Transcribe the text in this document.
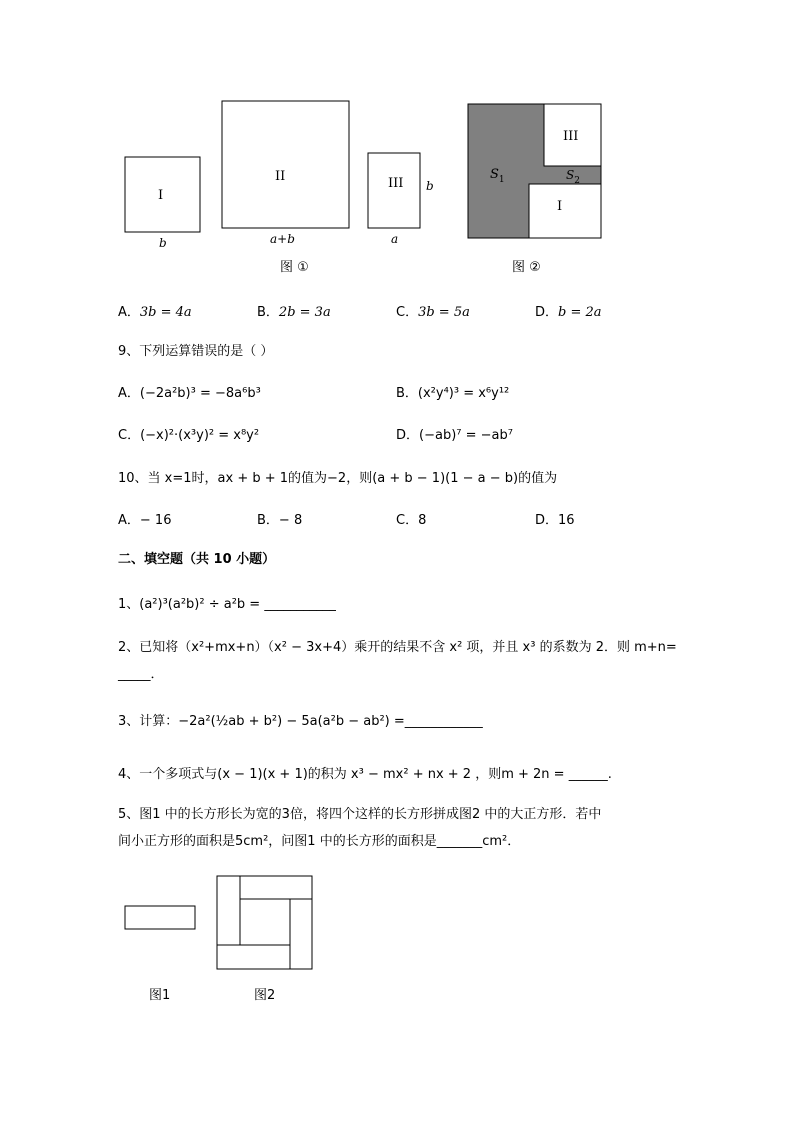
I
b
II
a+b
III b
a
$S_1$
III
$S_2$
I
图 ①	图 ②
A．3b = 4a	B．2b = 3a	C．3b = 5a	D．b = 2a
9、下列运算错误的是（ ）
A．(−2a²b)³ = −8a⁶b³	B．(x²y⁴)³ = x⁶y¹²
C．(−x)²·(x³y)² = x⁸y²	D．(−ab)⁷ = −ab⁷
10、当 x=1时，ax + b + 1的值为−2，则(a + b − 1)(1 − a − b)的值为
A．− 16	B．− 8	C．8	D．16
二、填空题（共 10 小题）
1、(a²)³(a²b)² ÷ a²b = ___________
2、已知将（x²+mx+n）（x² − 3x+4）乘开的结果不含 x² 项，并且 x³ 的系数为 2．则 m+n=
_____．
3、计算：−2a²(½ab + b²) − 5a(a²b − ab²) =____________
4、一个多项式与(x − 1)(x + 1)的积为 x³ − mx² + nx + 2 ，则m + 2n = ______.
5、图1 中的长方形长为宽的3倍，将四个这样的长方形拼成图2 中的大正方形．若中
间小正方形的面积是5cm²，问图1 中的长方形的面积是_______cm²．
图1	图2
